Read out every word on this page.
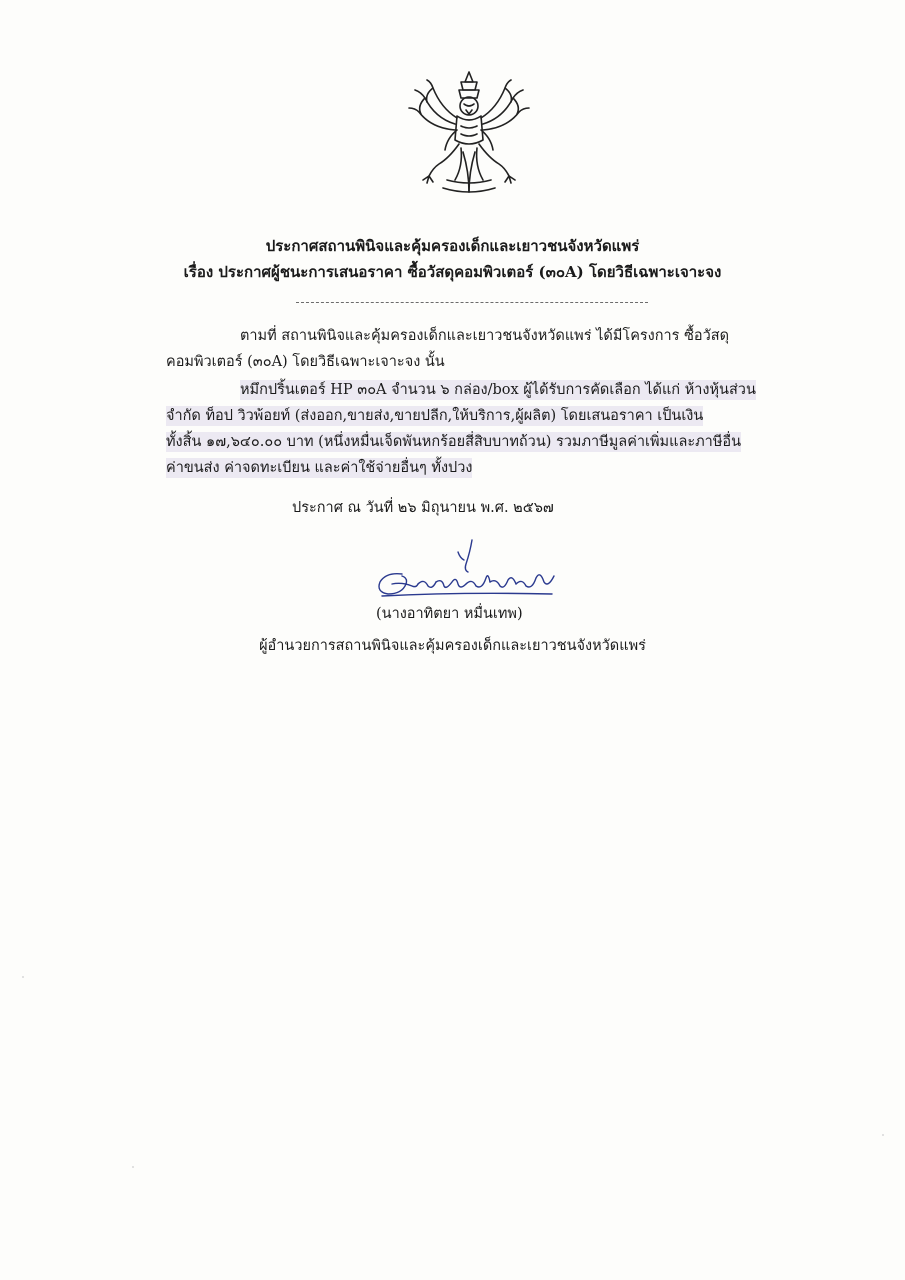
ประกาศสถานพินิจและคุ้มครองเด็กและเยาวชนจังหวัดแพร่
เรื่อง ประกาศผู้ชนะการเสนอราคา ซื้อวัสดุคอมพิวเตอร์ (๓๐A) โดยวิธีเฉพาะเจาะจง
ตามที่ สถานพินิจและคุ้มครองเด็กและเยาวชนจังหวัดแพร่ ได้มีโครงการ ซื้อวัสดุ
คอมพิวเตอร์ (๓๐A) โดยวิธีเฉพาะเจาะจง นั้น
หมึกปริ้นเตอร์ HP ๓๐A จำนวน ๖ กล่อง/box ผู้ได้รับการคัดเลือก ได้แก่ ห้างหุ้นส่วน
จำกัด ท็อป วิวพ้อยท์ (ส่งออก,ขายส่ง,ขายปลีก,ให้บริการ,ผู้ผลิต) โดยเสนอราคา เป็นเงิน
ทั้งสิ้น ๑๗,๖๔๐.๐๐ บาท (หนึ่งหมื่นเจ็ดพันหกร้อยสี่สิบบาทถ้วน) รวมภาษีมูลค่าเพิ่มและภาษีอื่น
ค่าขนส่ง ค่าจดทะเบียน และค่าใช้จ่ายอื่นๆ ทั้งปวง
ประกาศ ณ วันที่ ๒๖ มิถุนายน พ.ศ. ๒๕๖๗
(นางอาทิตยา หมื่นเทพ)
ผู้อำนวยการสถานพินิจและคุ้มครองเด็กและเยาวชนจังหวัดแพร่
